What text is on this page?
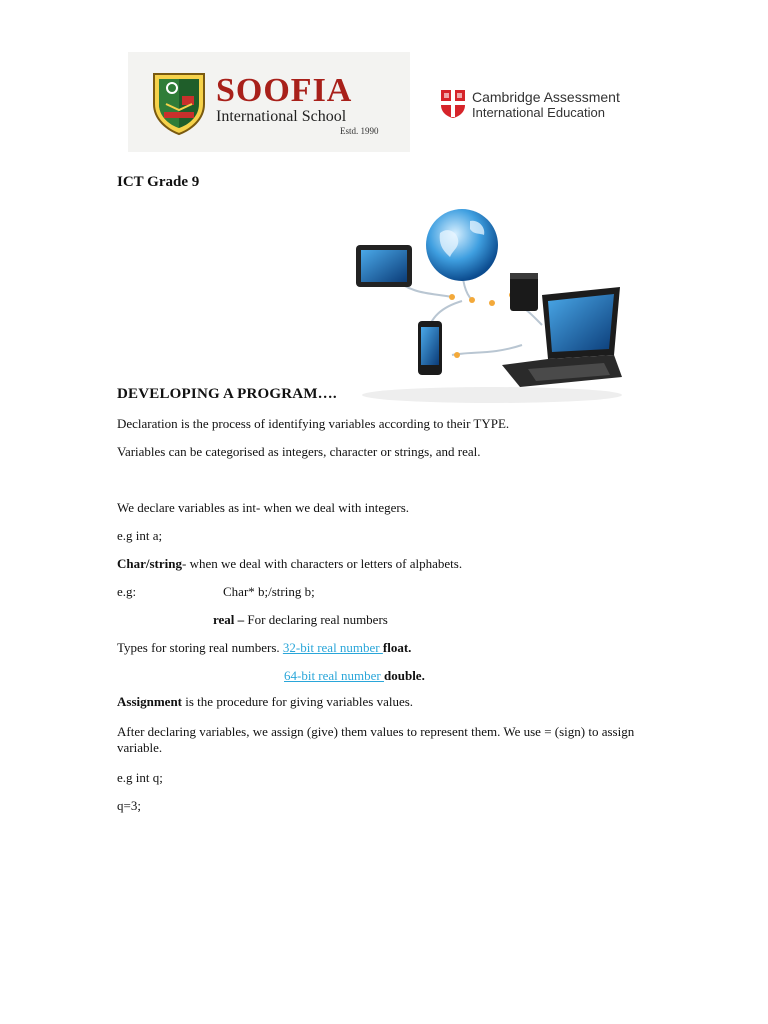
SOOFIA
International School
Estd. 1990
Cambridge Assessment
International Education
ICT Grade 9
DEVELOPING A PROGRAM….
Declaration is the process of identifying variables according to their TYPE.
Variables can be categorised as integers, character or strings, and real.
We declare variables as int- when we deal with integers.
e.g int a;
Char/string- when we deal with characters or letters of alphabets.
e.g:	Char* b;/string b;
real – For declaring real numbers
Types for storing real numbers. 32-bit real number float.
64-bit real number double.
Assignment is the procedure for giving variables values.
After declaring variables, we assign (give) them values to represent them. We use = (sign) to assign variable.
e.g int q;
q=3;
